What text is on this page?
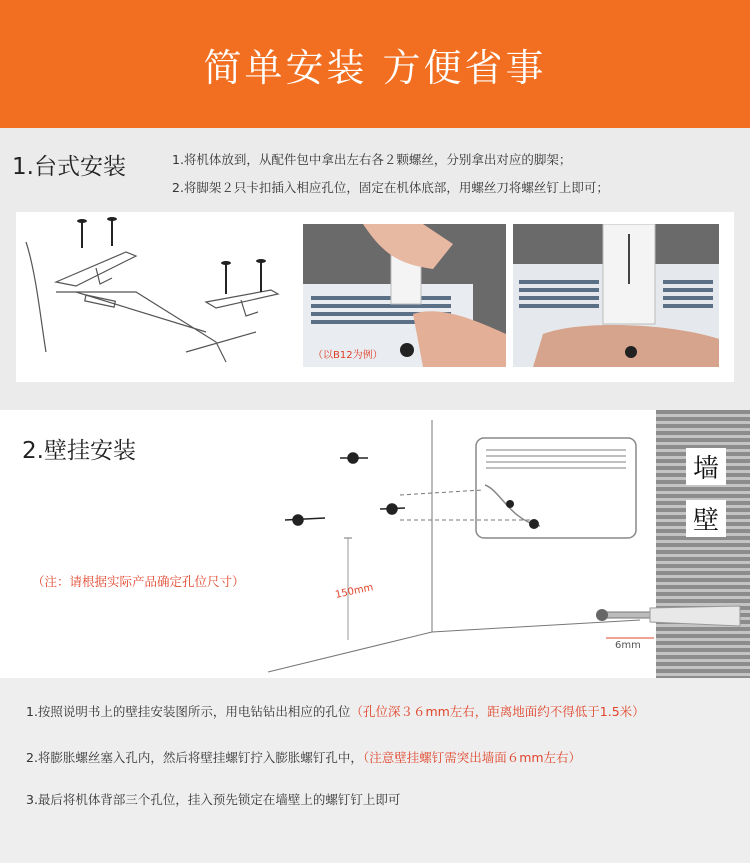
简单安装 方便省事
1.台式安装	1.将机体放到，从配件包中拿出左右各２颗螺丝，分别拿出对应的脚架；
2.将脚架２只卡扣插入相应孔位，固定在机体底部，用螺丝刀将螺丝钉上即可；
（以B12为例）
2.壁挂安装
（注：请根据实际产品确定孔位尺寸）
150mm
墙
壁
6mm
1.按照说明书上的壁挂安装图所示，用电钻钻出相应的孔位（孔位深３６mm左右，距离地面约不得低于1.5米）
2.将膨胀螺丝塞入孔内，然后将壁挂螺钉拧入膨胀螺钉孔中，（注意壁挂螺钉需突出墙面６mm左右）
3.最后将机体背部三个孔位，挂入预先锁定在墙壁上的螺钉钉上即可
